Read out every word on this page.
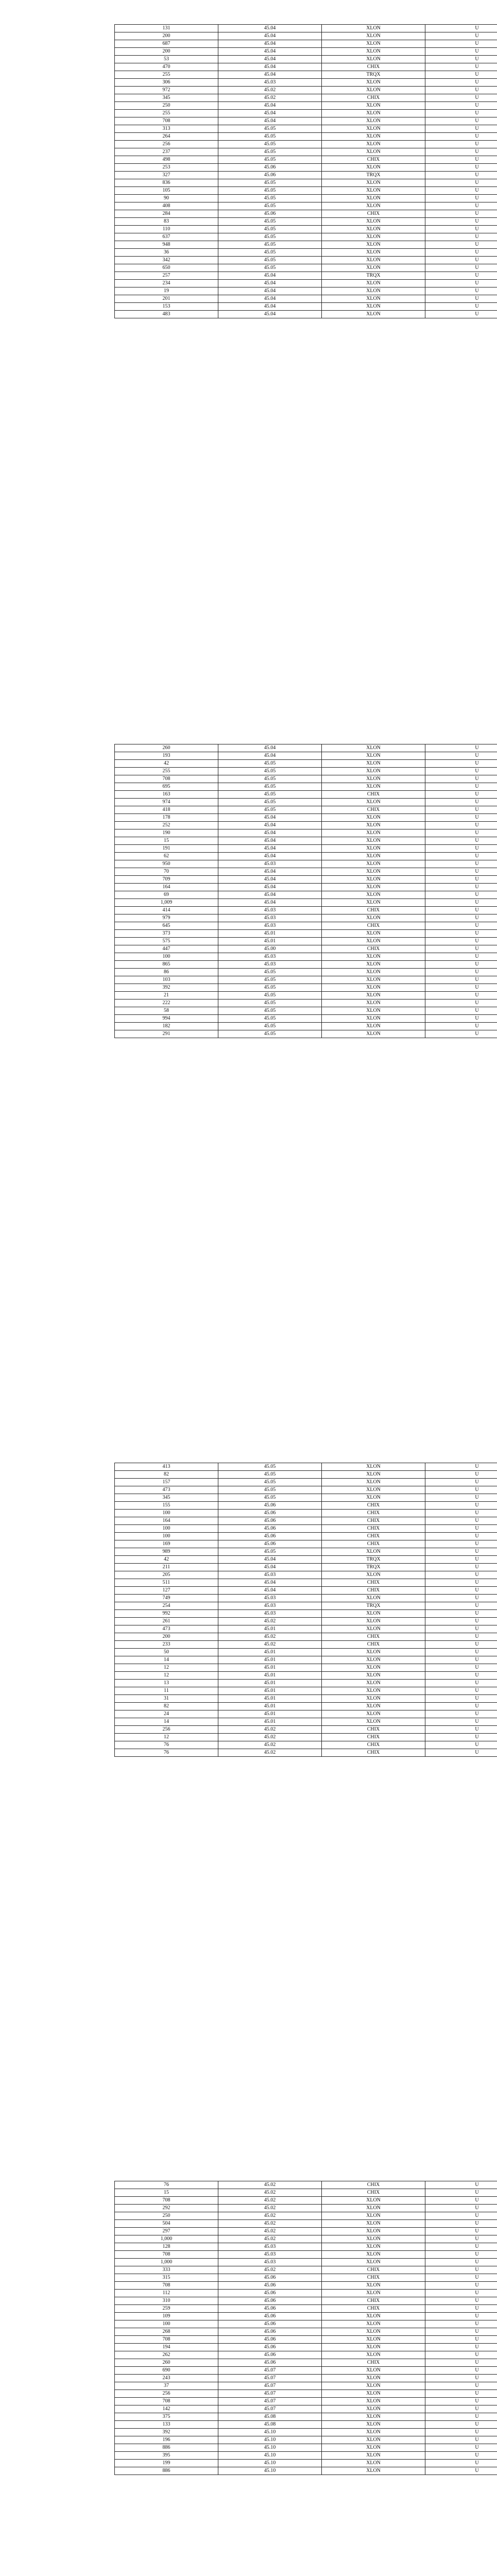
131	45.04	XLON	U
200	45.04	XLON	U
687	45.04	XLON	U
200	45.04	XLON	U
53	45.04	XLON	U
470	45.04	CHIX	U
255	45.04	TRQX	U
306	45.03	XLON	U
972	45.02	XLON	U
345	45.02	CHIX	U
250	45.04	XLON	U
255	45.04	XLON	U
708	45.04	XLON	U
313	45.05	XLON	U
264	45.05	XLON	U
256	45.05	XLON	U
237	45.05	XLON	U
498	45.05	CHIX	U
253	45.06	XLON	U
327	45.06	TRQX	U
836	45.05	XLON	U
105	45.05	XLON	U
90	45.05	XLON	U
408	45.05	XLON	U
284	45.06	CHIX	U
83	45.05	XLON	U
110	45.05	XLON	U
637	45.05	XLON	U
948	45.05	XLON	U
36	45.05	XLON	U
342	45.05	XLON	U
650	45.05	XLON	U
257	45.04	TRQX	U
234	45.04	XLON	U
19	45.04	XLON	U
201	45.04	XLON	U
153	45.04	XLON	U
483	45.04	XLON	U
260	45.04	XLON	U
193	45.04	XLON	U
42	45.05	XLON	U
255	45.05	XLON	U
708	45.05	XLON	U
695	45.05	XLON	U
163	45.05	CHIX	U
974	45.05	XLON	U
418	45.05	CHIX	U
178	45.04	XLON	U
252	45.04	XLON	U
190	45.04	XLON	U
15	45.04	XLON	U
191	45.04	XLON	U
62	45.04	XLON	U
950	45.03	XLON	U
70	45.04	XLON	U
709	45.04	XLON	U
164	45.04	XLON	U
69	45.04	XLON	U
1,009	45.04	XLON	U
414	45.03	CHIX	U
979	45.03	XLON	U
645	45.03	CHIX	U
373	45.01	XLON	U
575	45.01	XLON	U
447	45.00	CHIX	U
100	45.03	XLON	U
865	45.03	XLON	U
86	45.05	XLON	U
103	45.05	XLON	U
392	45.05	XLON	U
21	45.05	XLON	U
222	45.05	XLON	U
58	45.05	XLON	U
994	45.05	XLON	U
182	45.05	XLON	U
291	45.05	XLON	U
413	45.05	XLON	U
82	45.05	XLON	U
157	45.05	XLON	U
473	45.05	XLON	U
345	45.05	XLON	U
155	45.06	CHIX	U
100	45.06	CHIX	U
164	45.06	CHIX	U
100	45.06	CHIX	U
100	45.06	CHIX	U
169	45.06	CHIX	U
989	45.05	XLON	U
42	45.04	TRQX	U
211	45.04	TRQX	U
205	45.03	XLON	U
511	45.04	CHIX	U
127	45.04	CHIX	U
749	45.03	XLON	U
254	45.03	TRQX	U
992	45.03	XLON	U
261	45.02	XLON	U
473	45.01	XLON	U
200	45.02	CHIX	U
233	45.02	CHIX	U
50	45.01	XLON	U
14	45.01	XLON	U
12	45.01	XLON	U
12	45.01	XLON	U
13	45.01	XLON	U
11	45.01	XLON	U
31	45.01	XLON	U
82	45.01	XLON	U
24	45.01	XLON	U
14	45.01	XLON	U
256	45.02	CHIX	U
12	45.02	CHIX	U
76	45.02	CHIX	U
76	45.02	CHIX	U
76	45.02	CHIX	U
15	45.02	CHIX	U
708	45.02	XLON	U
292	45.02	XLON	U
250	45.02	XLON	U
504	45.02	XLON	U
297	45.02	XLON	U
1,000	45.02	XLON	U
128	45.03	XLON	U
708	45.03	XLON	U
1,000	45.03	XLON	U
333	45.02	CHIX	U
315	45.06	CHIX	U
708	45.06	XLON	U
112	45.06	XLON	U
310	45.06	CHIX	U
259	45.06	CHIX	U
109	45.06	XLON	U
100	45.06	XLON	U
268	45.06	XLON	U
708	45.06	XLON	U
194	45.06	XLON	U
262	45.06	XLON	U
260	45.06	CHIX	U
690	45.07	XLON	U
243	45.07	XLON	U
37	45.07	XLON	U
256	45.07	XLON	U
708	45.07	XLON	U
142	45.07	XLON	U
375	45.08	XLON	U
133	45.08	XLON	U
392	45.10	XLON	U
196	45.10	XLON	U
886	45.10	XLON	U
395	45.10	XLON	U
199	45.10	XLON	U
886	45.10	XLON	U
